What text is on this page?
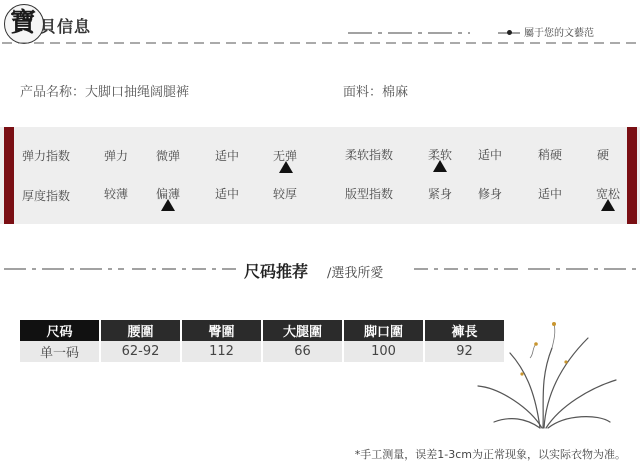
寶 貝信息	屬于您的文藝范
产品名称：大脚口抽绳阔腿裤	面料：棉麻
弹力指数	弹力 微弹	适中	无弹	柔软指数	柔软 适中	稍硬	硬
厚度指数	较薄 偏薄	适中	较厚	版型指数	紧身 修身	适中	宽松
尺码推荐 /選我所愛
尺码	腰圍	臀圍	大腿圍	脚口圍	褲長
单一码	62-92	112	66	100	92
*手工测量，误差1-3cm为正常现象，以实际衣物为准。
